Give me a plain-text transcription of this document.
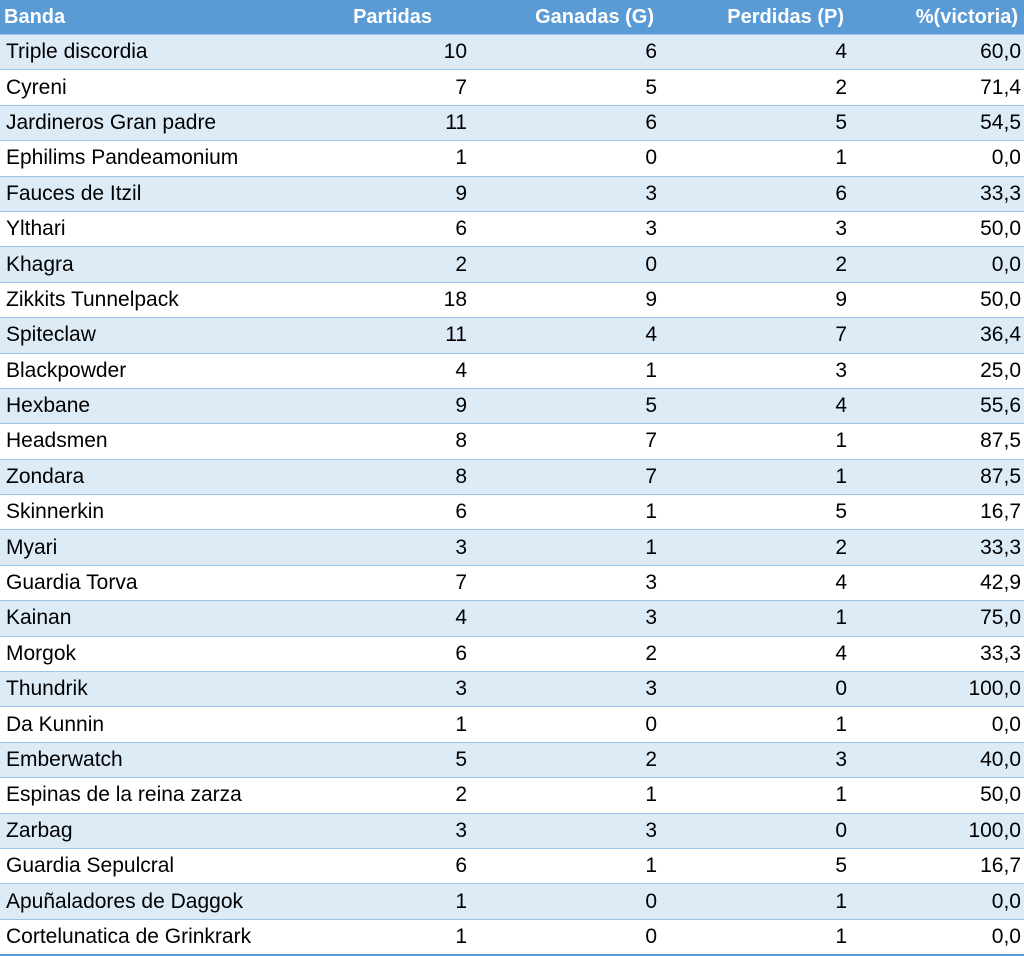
Banda	Partidas	Ganadas (G)	Perdidas (P)	%(victoria)
Triple discordia	10	6	4	60,0
Cyreni	7	5	2	71,4
Jardineros Gran padre	11	6	5	54,5
Ephilims Pandeamonium	1	0	1	0,0
Fauces de Itzil	9	3	6	33,3
Ylthari	6	3	3	50,0
Khagra	2	0	2	0,0
Zikkits Tunnelpack	18	9	9	50,0
Spiteclaw	11	4	7	36,4
Blackpowder	4	1	3	25,0
Hexbane	9	5	4	55,6
Headsmen	8	7	1	87,5
Zondara	8	7	1	87,5
Skinnerkin	6	1	5	16,7
Myari	3	1	2	33,3
Guardia Torva	7	3	4	42,9
Kainan	4	3	1	75,0
Morgok	6	2	4	33,3
Thundrik	3	3	0	100,0
Da Kunnin	1	0	1	0,0
Emberwatch	5	2	3	40,0
Espinas de la reina zarza	2	1	1	50,0
Zarbag	3	3	0	100,0
Guardia Sepulcral	6	1	5	16,7
Apuñaladores de Daggok	1	0	1	0,0
Cortelunatica de Grinkrark	1	0	1	0,0
